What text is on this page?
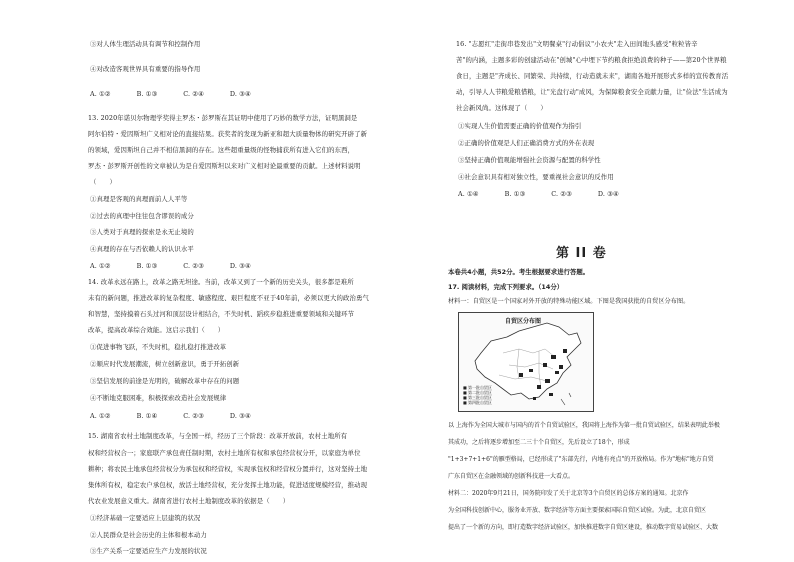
③对人体生理活动具有调节和控制作用
④对改造客观世界具有重要的指导作用
A. ①②　　　　B. ①③　　　　C. ②④　　　　D. ③④
13. 2020年诺贝尔物理学奖得主罗杰・彭罗斯在其证明中使用了巧妙的数学方法，证明黑洞是
阿尔伯特・爱因斯坦广义相对论的直接结果。获奖者的发现为新亚和超大质量物体的研究开辟了新
的领域，爱因斯坦自己并不相信黑洞的存在。这些超重量级的怪物捕获所有进入它们的东西，
罗杰・彭罗斯开创性的文章被认为是自爱因斯坦以来对广义相对论最重要的贡献。上述材料说明
（　　）
①真理是客观的真理面前人人平等
②过去的真理中往往包含谬误的成分
③人类对于真理的探索是永无止境的
④真理的存在与否依赖人的认识水平
A. ①②　　　　B. ①③　　　　C. ②③　　　　D. ③④
14. 改革永远在路上，改革之路无坦途。当前，改革又到了一个新的历史关头，很多都是难所
未有的新问题，推进改革的复杂程度、敏感程度、艰巨程度不亚于40年前，必须以更大的政治勇气
和智慧，坚持摸着石头过河和顶层设计相结合，不失时机、蹈疾步稳推进重要领域和关键环节
改革，提高改革综合效能。这启示我们（　　）
①促进事物飞跃，不失时机，稳扎稳打推进改革
②顺应时代发展潮流，树立创新意识，勇于开拓创新
③坚信发展的前途是光明的，破解改革中存在的问题
④不断地克服困难，积极探索改造社会发展规律
A. ①②　　　　B. ①④　　　　C. ②③　　　　D. ③④
15. 湖南省农村土地制度改革，与全国一样，经历了三个阶段：改革开放前，农村土地所有
权和经营权合一；家庭联产承包责任制时期，农村土地所有权和承包经营权分开，以家庭为单位
耕种；将农民土地承包经营权分为承包权和经营权，实现承包权和经营权分置并行，这对坚持土地
集体所有权，稳定农户承包权，放活土地经营权，充分发挥土地功能，促进适度规模经营，推动现
代农业发展意义重大。湖南省进行农村土地制度改革的依据是（　　）
①经济基础一定要适应上层建筑的状况
②人民群众是社会历史的主体和根本动力
③生产关系一定要适应生产力发展的状况
16. "志愿红"走街串巷发出"文明餐桌"行动倡议"小农夫"走入田间地头感受"粒粒皆辛
苦"的内涵，主题多彩的创建活动在"创城"心中埋下节约粮食拒绝浪费的种子——第20个世界粮
食日，主题是"齐成长、同繁荣、共持续，行动造就未来"，湖南各地开展形式多样的宣传教育活
动，引导人人节粮爱粮惜粮，让"光盘行动"成风，为保障粮食安全贡献力量，让"俭法"生活成为
社会新风尚。这体现了（　　）
①实现人生价值需要正确的价值观作为指引
②正确的价值观是人们正确消费方式的外在表现
③坚持正确价值观能增强社会资源与配置的科学性
④社会意识具有相对独立性，要重视社会意识的反作用
A. ①④　　　　B. ①③　　　　C. ②③　　　　D. ③④
第 II 卷
本卷共4小题，共52分。考生根据要求进行答题。
17. 阅读材料，完成下列要求。（14分）
材料一：自贸区是一个国家对外开放的特殊功能区域。下图是我国获批的自贸区分布图。
自贸区分布图
■ 第一批自贸区
■ 第二批自贸区
■ 第三批自贸区
■ 第四批自贸区
以 上海作为全国大城市与国内的首个自贸试验区，我国将上海作为第一批自贸试验区，结果表明此举极
其成功，之后将逐步增加至二三十个自贸区，先后设立了18个，形成
"1+3+7+1+6"的雁型格局，已经形成了"东部先行，内地有亮点"的开放格局。作为"地标"地方自贸
广东自贸区在金融领域的创新科技进一大看点。
材料二：2020年9月21日，国务院印发了关于北京等3个自贸区的总体方案的通知。北京作
为全国科技创新中心，服务业开放、数字经济等方面主要探索国际自贸区试验。为此，北京自贸区
提出了一个新的方向，即打造数字经济试验区，加快推进数字自贸区建设，推动数字贸易试验区、大数
